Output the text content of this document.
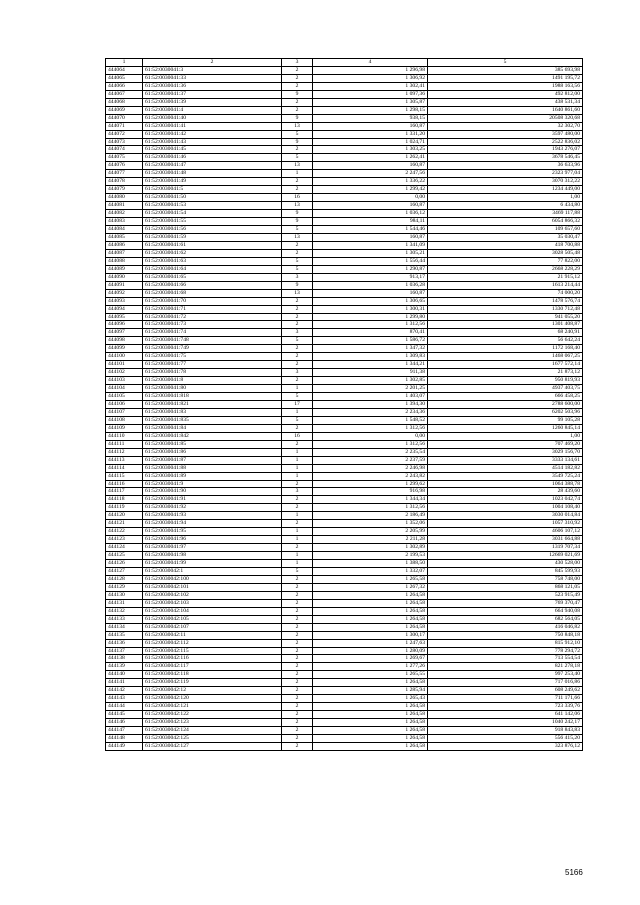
1	2	3	4	5
444064	61:52:0030041:3	2	1 296,98	385 693,98
444065	61:52:0030041:33	2	1 306,92	1491 195,72
444066	61:52:0030041:36	2	1 302,41	1988 163,56
444067	61:52:0030041:37	9	1 097,36	492 812,00
444068	61:52:0030041:39	2	1 305,87	438 531,34
444069	61:52:0030041:4	2	1 298,15	1640 861,60
444070	61:52:0030041:40	9	938,15	20508 320,68
444071	61:52:0030041:41	13	160,87	32 302,70
444072	61:52:0030041:42	5	1 331,20	3597 480,00
444073	61:52:0030041:43	9	1 024,71	2522 836,02
444074	61:52:0030041:45	2	1 303,25	1943 276,07
444075	61:52:0030041:46	5	1 262,41	3678 546,45
444076	61:52:0030041:47	13	160,87	36 633,96
444077	61:52:0030041:48	1	2 247,56	2323 977,04
444078	61:52:0030041:49	2	1 336,22	3070 312,22
444079	61:52:0030041:5	2	1 299,42	1234 449,00
444080	61:52:0030041:50	16	0,00	1,00
444081	61:52:0030041:53	13	160,87	6 434,80
444082	61:52:0030041:54	9	1 036,12	3469 117,88
444083	61:52:0030041:55	9	984,11	6054 866,32
444084	61:52:0030041:56	5	1 544,46	109 657,60
444085	61:52:0030041:59	13	160,87	35 030,47
444086	61:52:0030041:61	2	1 341,09	418 700,88
444087	61:52:0030041:62	2	1 305,21	3028 505,48
444088	61:52:0030041:63	5	1 556,44	77 822,00
444089	61:52:0030041:64	5	1 290,87	2668 228,29
444090	61:52:0030041:65	3	913,17	21 915,12
444091	61:52:0030041:66	9	1 036,28	1613 214,44
444092	61:52:0030041:68	13	160,87	74 000,20
444093	61:52:0030041:70	2	1 306,65	1478 576,74
444094	61:52:0030041:71	2	1 300,31	1330 712,48
444095	61:52:0030041:72	2	1 299,80	941 055,20
444096	61:52:0030041:73	2	1 312,56	1301 408,87
444097	61:52:0030041:74	3	870,41	68 240,91
444098	61:52:0030041:748	5	1 586,72	56 642,24
444099	61:52:0030041:749	2	1 347,32	1172 168,40
444100	61:52:0030041:75	2	1 309,83	1468 067,25
444101	61:52:0030041:77	2	1 344,21	1677 572,14
444102	61:52:0030041:78	3	911,38	21 873,12
444103	61:52:0030041:8	2	1 302,85	950 819,93
444104	61:52:0030041:80	1	2 201,25	4937 403,75
444105	61:52:0030041:818	5	1 403,07	666 458,25
444106	61:52:0030041:821	17	1 394,30	2788 600,00
444107	61:52:0030041:83	1	2 234,36	6202 503,96
444108	61:52:0030041:835	5	1 548,52	99 105,28
444109	61:52:0030041:84	2	1 312,56	1260 845,14
444110	61:52:0030041:842	16	0,00	1,00
444111	61:52:0030041:85	2	1 312,56	707 469,20
444112	61:52:0030041:86	1	2 235,54	3029 156,70
444113	61:52:0030041:87	1	2 237,59	3333 134,61
444114	61:52:0030041:88	1	2 246,98	4514 182,82
444115	61:52:0030041:89	1	2 243,82	3549 725,24
444116	61:52:0030041:9	2	1 299,62	1064 388,78
444117	61:52:0030041:90	3	916,98	28 439,60
444118	61:52:0030041:91	2	1 344,34	1023 042,74
444119	61:52:0030041:92	2	1 312,56	1004 108,40
444120	61:52:0030041:93	1	2 186,49	3030 014,84
444121	61:52:0030041:94	2	1 352,06	1057 310,92
444122	61:52:0030041:95	1	2 205,99	4606 107,12
444123	61:52:0030041:96	1	2 211,28	3031 664,88
444124	61:52:0030041:97	2	1 302,89	1319 707,34
444125	61:52:0030041:98	1	2 199,53	12669 021,69
444126	61:52:0030041:99	1	1 388,50	430 528,00
444127	61:52:0030042:1	5	1 332,07	845 599,93
444128	61:52:0030042:100	2	1 265,58	758 748,00
444129	61:52:0030042:101	2	1 267,32	868 121,05
444130	61:52:0030042:102	2	1 264,58	523 915,49
444131	61:52:0030042:103	2	1 264,58	769 370,47
444132	61:52:0030042:104	2	1 264,58	664 940,08
444133	61:52:0030042:105	2	1 264,58	682 564,05
444134	61:52:0030042:107	2	1 264,58	416 046,82
444135	61:52:0030042:11	2	1 300,17	750 848,18
444136	61:52:0030042:112	2	1 247,63	815 912,10
444137	61:52:0030042:115	2	1 280,09	778 294,72
444138	61:52:0030042:116	2	1 269,67	713 554,54
444139	61:52:0030042:117	2	1 277,26	821 278,18
444140	61:52:0030042:118	2	1 265,55	997 253,40
444141	61:52:0030042:119	2	1 264,58	717 016,86
444142	61:52:0030042:12	2	1 285,94	608 249,62
444143	61:52:0030042:120	2	1 265,43	711 171,66
444144	61:52:0030042:121	2	1 264,58	723 339,76
444145	61:52:0030042:122	2	1 264,58	641 142,06
444146	61:52:0030042:123	2	1 264,58	1040 242,17
444147	61:52:0030042:124	2	1 264,58	918 843,83
444148	61:52:0030042:125	2	1 264,58	556 415,20
444149	61:52:0030042:127	2	1 264,58	323 876,12
5166
